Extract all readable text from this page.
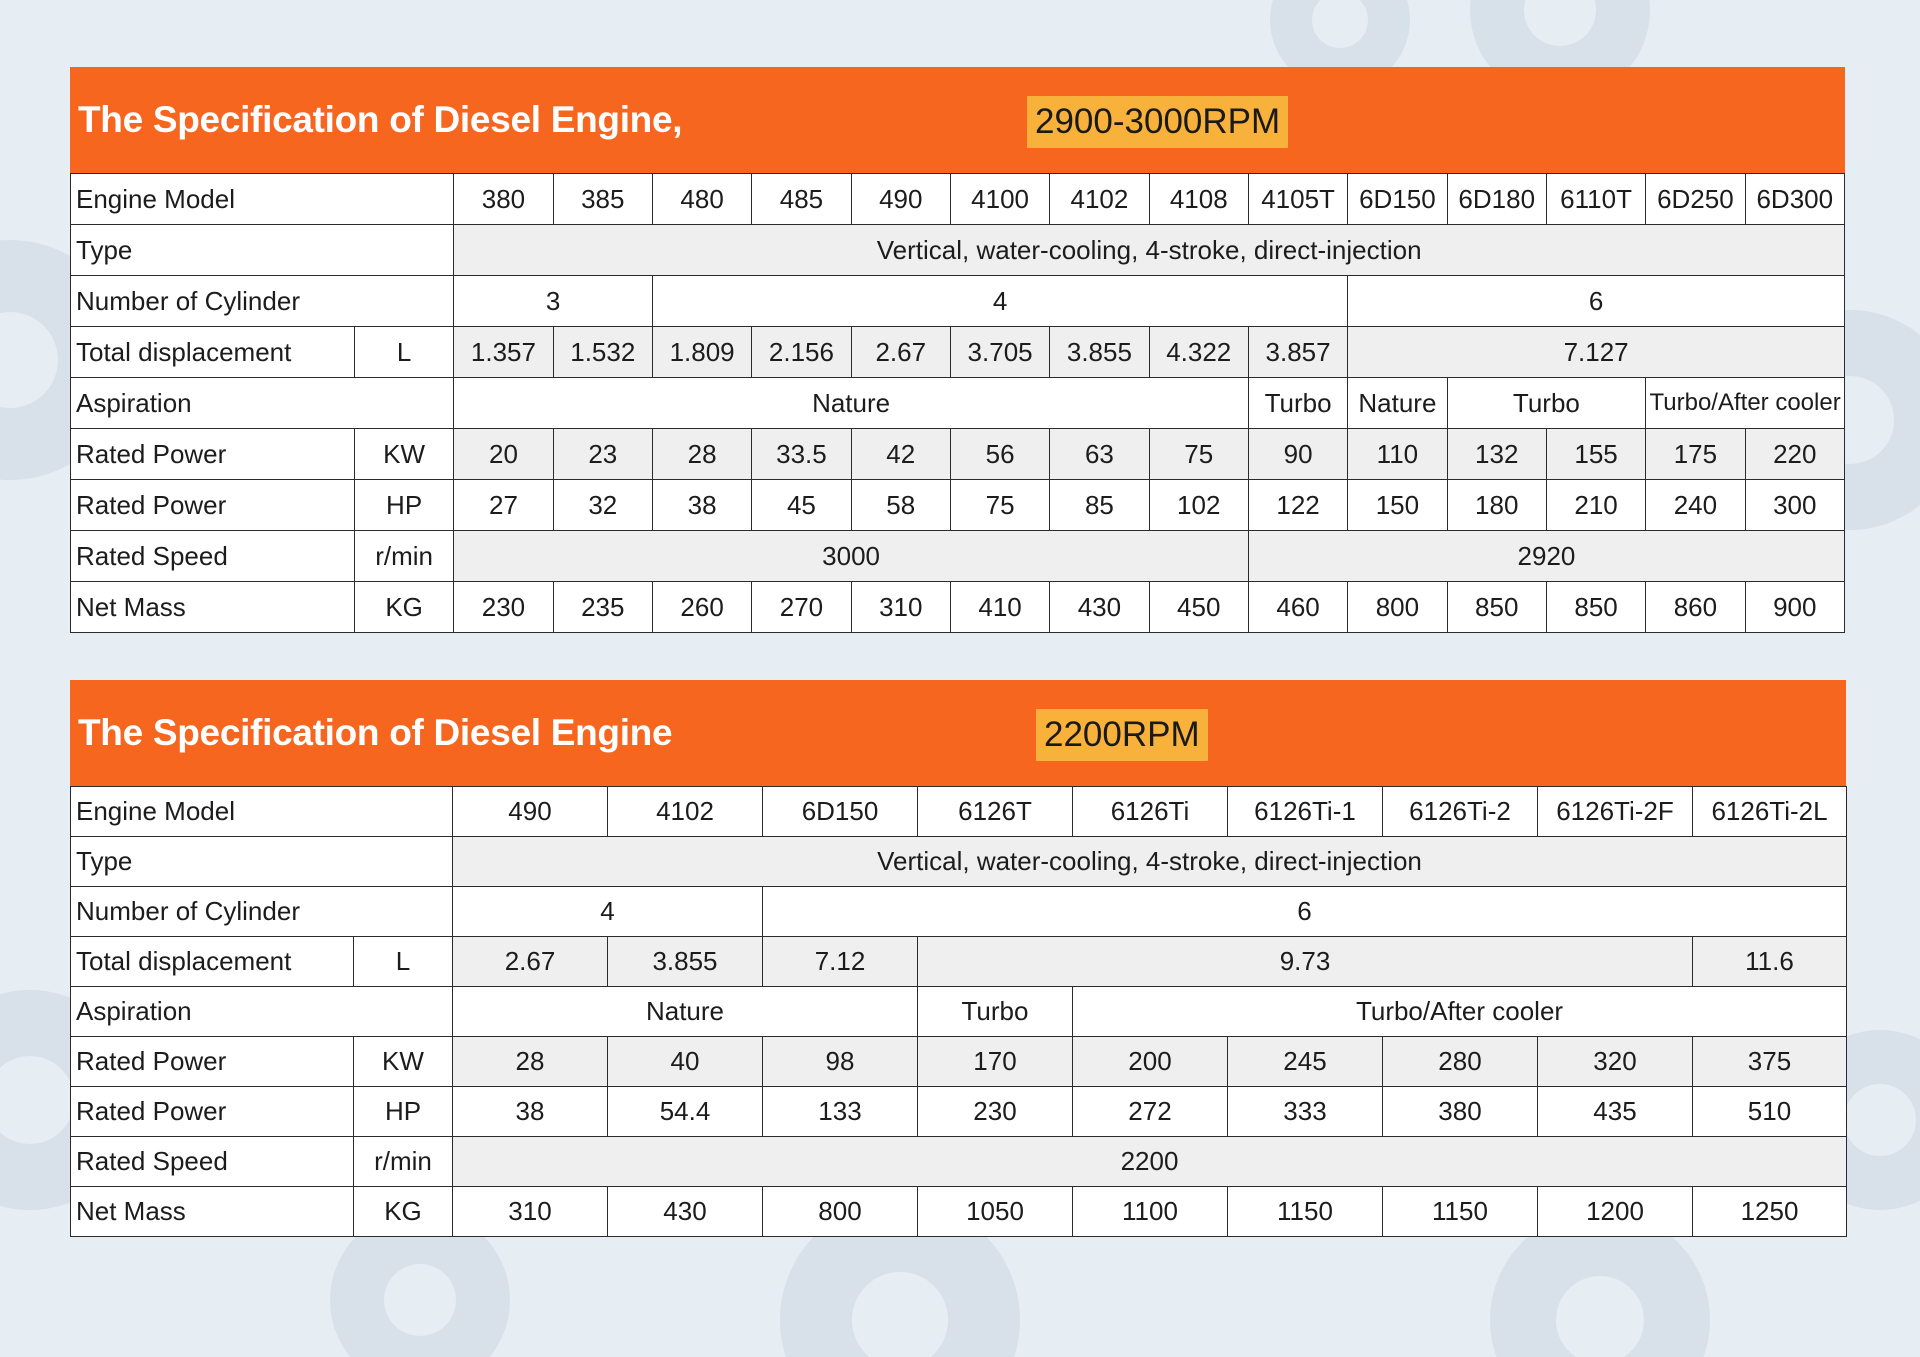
The Specification of Diesel Engine,	2900-3000RPM
Engine Model		380	385	480	485	490	4100	4102	4108	4105T	6D150	6D180	6110T	6D250	6D300
Type		Vertical, water-cooling, 4-stroke, direct-injection													
Number of Cylinder		3		4							6				
Total displacement	L	1.357	1.532	1.809	2.156	2.67	3.705	3.855	4.322	3.857	7.127				
Aspiration		Nature								Turbo	Nature	Turbo		Turbo/After cooler	
Rated Power	KW	20	23	28	33.5	42	56	63	75	90	110	132	155	175	220
Rated Power	HP	27	32	38	45	58	75	85	102	122	150	180	210	240	300
Rated Speed	r/min	3000								2920					
Net Mass	KG	230	235	260	270	310	410	430	450	460	800	850	850	860	900
The Specification of Diesel Engine	2200RPM
Engine Model		490	4102	6D150	6126T	6126Ti	6126Ti-1	6126Ti-2	6126Ti-2F	6126Ti-2L
Type		Vertical, water-cooling, 4-stroke, direct-injection								
Number of Cylinder		4		6						
Total displacement	L	2.67	3.855	7.12	9.73					11.6
Aspiration		Nature			Turbo	Turbo/After cooler				
Rated Power	KW	28	40	98	170	200	245	280	320	375
Rated Power	HP	38	54.4	133	230	272	333	380	435	510
Rated Speed	r/min	2200								
Net Mass	KG	310	430	800	1050	1100	1150	1150	1200	1250
